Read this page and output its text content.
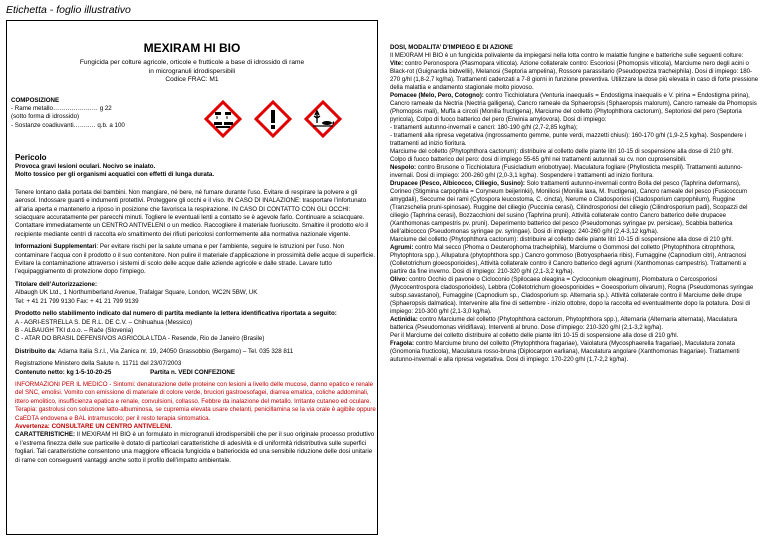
Etichetta - foglio illustrativo
MEXIRAM HI BIO
Fungicida per colture agricole, orticole e frutticole a base di idrossido di rame
in microgranuli idrodispersibili
Codice FRAC: M1
COMPOSIZIONE
- Rame metallo…………….…… g 22
(sotto forma di idrossido)
- Sostanze coadiuvanti……..… q.b. a 100
Pericolo
Provoca gravi lesioni oculari. Nocivo se inalato.
Molto tossico per gli organismi acquatici con effetti di lunga durata.
Tenere lontano dalla portata dei bambini. Non mangiare, né bere, né fumare durante l’uso. Evitare di respirare la polvere e gli aerosol. Indossare guanti e indumenti protettivi. Proteggere gli occhi e il viso. IN CASO DI INALAZIONE: trasportare l’infortunato all’aria aperta e mantenerlo a riposo in posizione che favorisca la respirazione. IN CASO DI CONTATTO CON GLI OCCHI: sciacquare accuratamente per parecchi minuti. Togliere le eventuali lenti a contatto se è agevole farlo. Continuare a sciacquare. Contattare immediatamente un CENTRO ANTIVELENI o un medico. Raccogliere il materiale fuoriuscito. Smaltire il prodotto e/o il recipiente mediante centri di raccolta e/o smaltimento dei rifiuti pericolosi conformemente alla normativa nazionale vigente.
Informazioni Supplementari: Per evitare rischi per la salute umana e per l’ambiente, seguire le istruzioni per l’uso. Non contaminare l’acqua con il prodotto o il suo contenitore. Non pulire il materiale d’applicazione in prossimità delle acque di superficie. Evitare la contaminazione attraverso i sistemi di scolo delle acque dalle aziende agricole e dalle strade. Lavare tutto l’equipaggiamento di protezione dopo l’impiego.
Titolare dell’Autorizzazione:
Albaugh UK Ltd., 1 Northumberland Avenue, Trafalgar Square, London, WC2N 5BW, UK
Tel: + 41 21 799 9130 Fax: + 41 21 799 9139
Prodotto nello stabilimento indicato dal numero di partita mediante la lettera identificativa riportata a seguito:
A - AGRI-ESTRELLA S. DE R.L. DE C.V. – Chihuahua (Messico)
B - ALBAUGH TKI d.o.o. – Rače (Slovenia)
C - ATAR DO BRASIL DEFENSIVOS AGRICOLA LTDA - Resende, Rio de Janeiro (Brasile)
Distribuito da: Adama Italia S.r.l., Via Zanica nr. 19, 24050 Grassobbio (Bergamo) – Tel. 035 328 811
Registrazione Ministero della Salute n. 11711 del 23/07/2003
Contenuto netto: kg 1-5-10-20-25	Partita n. VEDI CONFEZIONE
INFORMAZIONI PER IL MEDICO - Sintomi: denaturazione delle proteine con lesioni a livello delle mucose, danno epatico e renale del SNC, emolisi. Vomito con emissione di materiale di colore verde, bruciori gastroesofagei, diarrea ematica, coliche addominali, ittero emolitico, insufficienza epatica e renale, convulsioni, collasso. Febbre da inalazione del metallo. Irritante cutaneo ed oculare. Terapia: gastrolusi con soluzione latto-albuminosa, se cupremia elevata usare chelanti, penicillamina se la via orale è agibile oppure CaEDTA endovena e BAL intramuscolo; per il resto terapia sintomatica.
Avvertenza: CONSULTARE UN CENTRO ANTIVELENI.
CARATTERISTICHE: Il MEXIRAM HI BIO è un formulato in microgranuli idrodispersibili che per il suo originale processo produttivo e l’estrema finezza delle sue particelle è dotato di particolari caratteristiche di adesività e di uniformità ridistributiva sulle superfici fogliari. Tali caratteristiche consentono una maggiore efficacia fungicida e batteriocida ed una sensibile riduzione delle dosi unitarie di rame con conseguenti vantaggi anche sotto il profilo dell’impatto ambientale.

DOSI, MODALITA’ D’IMPIEGO E DI AZIONE

Il MEXIRAM HI BIO è un fungicida polivalente da impiegarsi nella lotta contro le malattie fungine e batteriche sulle seguenti colture:

Vite: contro Peronospora (Plasmopara viticola). Azione collaterale contro: Escoriosi (Phomopsis viticola), Marciume nero degli acini o Black-rot (Guignardia bidwellii), Melanosi (Septoria ampelina), Rossore parassitario (Pseudopeziza tracheiphila). Dosi di impiego: 180-270 g/hl (1,8-2,7 kg/ha). Trattamenti cadenzati a 7-8 giorni in funzione preventiva. Utilizzare la dose più elevata in caso di forte pressione della malattia e andamento stagionale molto piovoso.

Pomacee (Melo, Pero, Cotogno): contro Ticchiolatura (Venturia inaequalis = Endostigma inaequalis e V. pirina = Endostigma pirina), Cancro rameale da Nectria (Nectria galligena), Cancro rameale da Sphaeropsis (Sphaeropsis malorum), Cancro rameale da Phomopsis (Phomopsis mali), Muffa a circoli (Monilia fructigena), Marciume del colletto (Phytophthora cactorum), Septoriosi del pero (Septoria pyricola), Colpo di fuoco batterico del pero (Erwinia amylovora). Dosi di impiego:

- trattamenti autunno-invernali e cancri: 180-190 g/hl (2,7-2,85 kg/ha);

- trattamenti alla ripresa vegetativa (ingrossamento gemme, punte verdi, mazzetti chiusi): 160-170 g/hl (1,9-2,5 kg/ha). Sospendere i trattamenti ad inizio fioritura.

Marciume del colletto (Phytophthora cactorum): distribuire al colletto delle piante litri 10-15 di sospensione alla dose di 210 g/hl.

Colpo di fuoco batterico del pero: dosi di impiego 55-65 g/hl nei trattamenti autunnali su cv. non cuprosensibili.

Nespolo: contro Brusone o Ticchiolatura (Fusicladium eriobotryae). Maculatura fogliare (Phyllosticta mespili). Trattamenti autunno-invernali. Dosi di impiego: 200-260 g/hl (2,0-3,1 kg/ha). Sospendere i trattamenti ad inizio fioritura.

Drupacee (Pesco, Albicocco, Ciliegio, Susino): Solo trattamenti autunno-invernali contro Bolla del pesco (Taphrina deformans), Corineo (Stigmina carpophila = Coryneum beijerinkii), Moniliosi (Monilia laxa, M. fructigena), Cancro rameale del pesco (Fusicoccum amygdali), Seccume dei rami (Cytospora leucostoma, C. cincta), Nerume o Cladosporiosi (Cladosporium carpophilum), Ruggine (Tranzschelia pruni-spinosae). Ruggine del ciliegio (Puccinia cerasi), Cilindrosporiosi del ciliegio (Cilindrosporium padi), Scopazzi del ciliegio (Taphrina cerasi), Bozzacchioni del susino (Taphrina pruni). Attività collaterale contro Cancro batterico delle drupacee (Xanthomonas campestris pv. pruni). Deperimento batterico del pesco (Pseudomonas syringae pv. persicae), Scabbia batterica dell’albicocco (Pseudomonas syringae pv. syringae). Dosi di impiego: 240-260 g/hl (2,4-3,12 kg/ha).

Marciume del colletto (Phytophthora cactorum): distribuire al colletto delle piante litri 10-15 di sospensione alla dose di 210 g/hl.

Agrumi: contro Mal secco (Phoma o Deuterophoma tracheiphila), Marciume o Gommosi del colletto (Phytophthora citrophthora, Phytophtora spp.), Allupatura (phytophthora spp.) Cancro gommoso (Botryosphaeria ribis), Fumaggine (Capnodium citri), Antracnosi (Colletotrichum gloeosporioides), Attività collaterale contro il Cancro batterico degli agrumi (Xanthomonas campestris). Trattamenti a partire da fine inverno. Dosi di impiego: 210-320 g/hl (2,1-3,2 kg/ha).

Olivo: contro Occhio di pavone o Cicloconio (Spilocaea oleagina = Cycloconium oleaginum), Piombatura o Cercosporiosi (Mycocentrospora cladosporioides), Lebbra (Colletotrichum gloeosporioides = Goeosporium olivarum), Rogna (Pseudomonas syringae subsp.savastanoi), Fumaggine (Capnodium sp., Cladosporium sp. Alternaria sp.). Attività collaterale contro il Marciume delle drupe (Sphaeropsis dalmatica). Intervenire alla fine di settembre - inizio ottobre, dopo la raccolta ed eventualmente dopo la potatura. Dosi di impiego: 210-300 g/hl (2,1-3,0 kg/ha).

Actinidia: contro Marciume del colletto (Phytophthora cactorum, Phytophthora spp.), Alternaria (Alternaria alternata), Maculatura batterica (Pseudomonas viridiflava). Interventi al bruno. Dose d’impiego: 210-320 g/hl (2,1-3,2 kg/ha).

Per il Marciume del colletto distribuire al colletto delle piante litri 10-15 di sospensione alla dose di 210 g/hl.

Fragola: contro Marciume bruno del colletto (Phytophthora fragariae), Vaiolatura (Mycosphaerella fragariae), Maculatura zonata (Gnomonia fructicola), Maculatura rosso-bruna (Diplocarpon earliana), Maculatura angolare (Xanthomonas fragariae). Trattamenti autunno-invernali e alla ripresa vegetativa. Dosi di impiego: 170-220 g/hl (1,7-2,2 kg/ha).
